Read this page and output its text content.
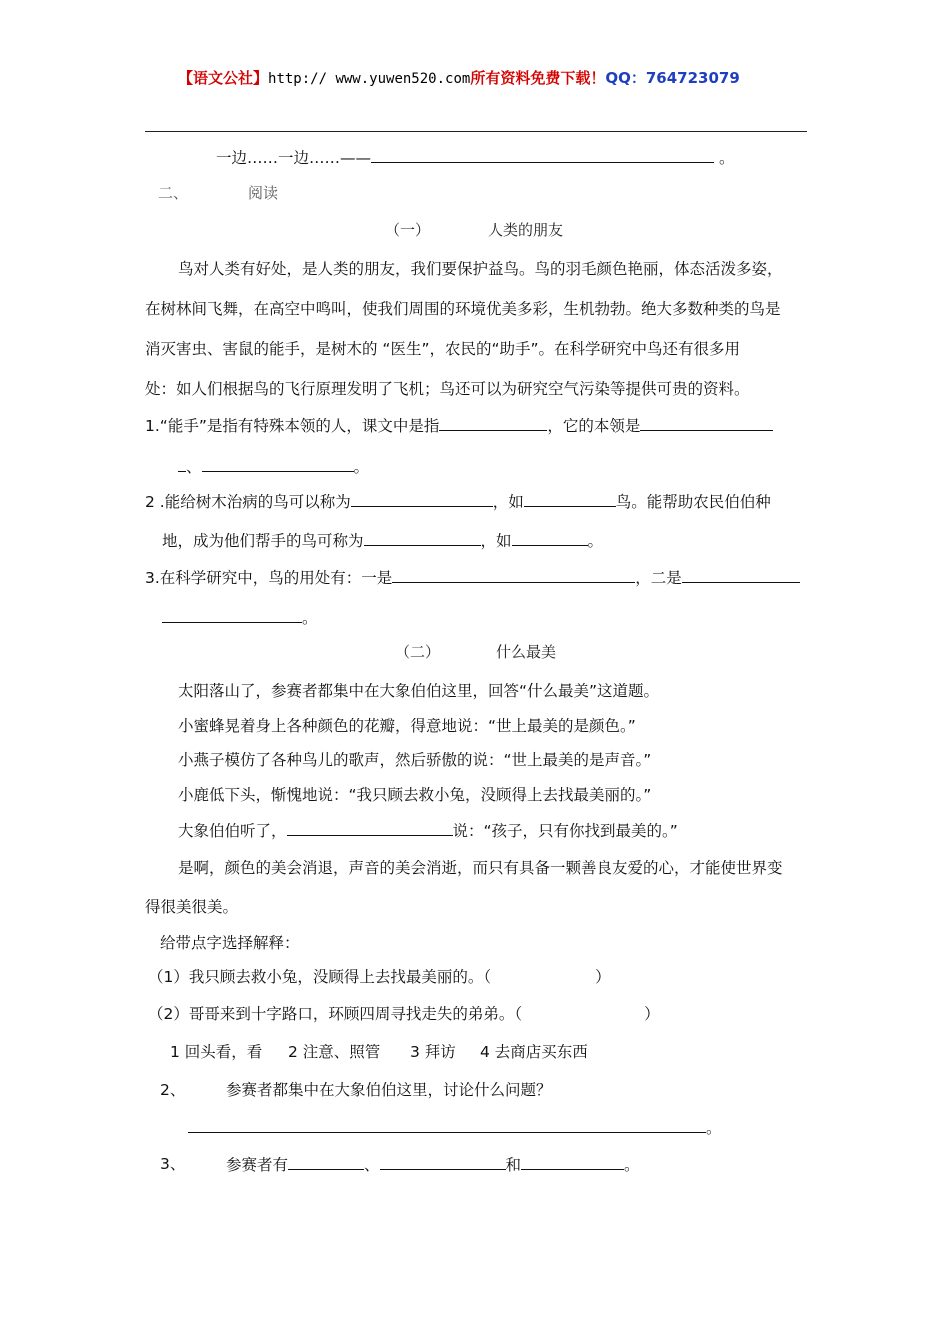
【语文公社】http:// www.yuwen520.com所有资料免费下载！QQ：764723079
一边……一边……——	。
二、	阅读
（一）	人类的朋友
鸟对人类有好处，是人类的朋友，我们要保护益鸟。鸟的羽毛颜色艳丽，体态活泼多姿，
在树林间飞舞，在高空中鸣叫，使我们周围的环境优美多彩，生机勃勃。绝大多数种类的鸟是
消灭害虫、害鼠的能手，是树木的 “医生”，农民的“助手”。在科学研究中鸟还有很多用
处：如人们根据鸟的飞行原理发明了飞机；鸟还可以为研究空气污染等提供可贵的资料。
1.“能手”是指有特殊本领的人，课文中是指	，它的本领是
、	。
2 .能给树木治病的鸟可以称为	，如	鸟。能帮助农民伯伯种
地，成为他们帮手的鸟可称为	，如	。
3.在科学研究中，鸟的用处有：一是	，二是
。
（二）	什么最美
太阳落山了，参赛者都集中在大象伯伯这里，回答“什么最美”这道题。
小蜜蜂晃着身上各种颜色的花瓣，得意地说：“世上最美的是颜色。”
小燕子模仿了各种鸟儿的歌声，然后骄傲的说：“世上最美的是声音。”
小鹿低下头，惭愧地说：“我只顾去救小兔，没顾得上去找最美丽的。”
大象伯伯听了，	说：“孩子，只有你找到最美的。”
是啊，颜色的美会消退，声音的美会消逝，而只有具备一颗善良友爱的心，才能使世界变
得很美很美。
给带点字选择解释：
（1）我只顾去救小兔，没顾得上去找最美丽的。（	）
（2）哥哥来到十字路口，环顾四周寻找走失的弟弟。（	）
1 回头看，看 2 注意、照管 3 拜访 4 去商店买东西
2、	参赛者都集中在大象伯伯这里，讨论什么问题？
。
3、	参赛者有	、	和	。
